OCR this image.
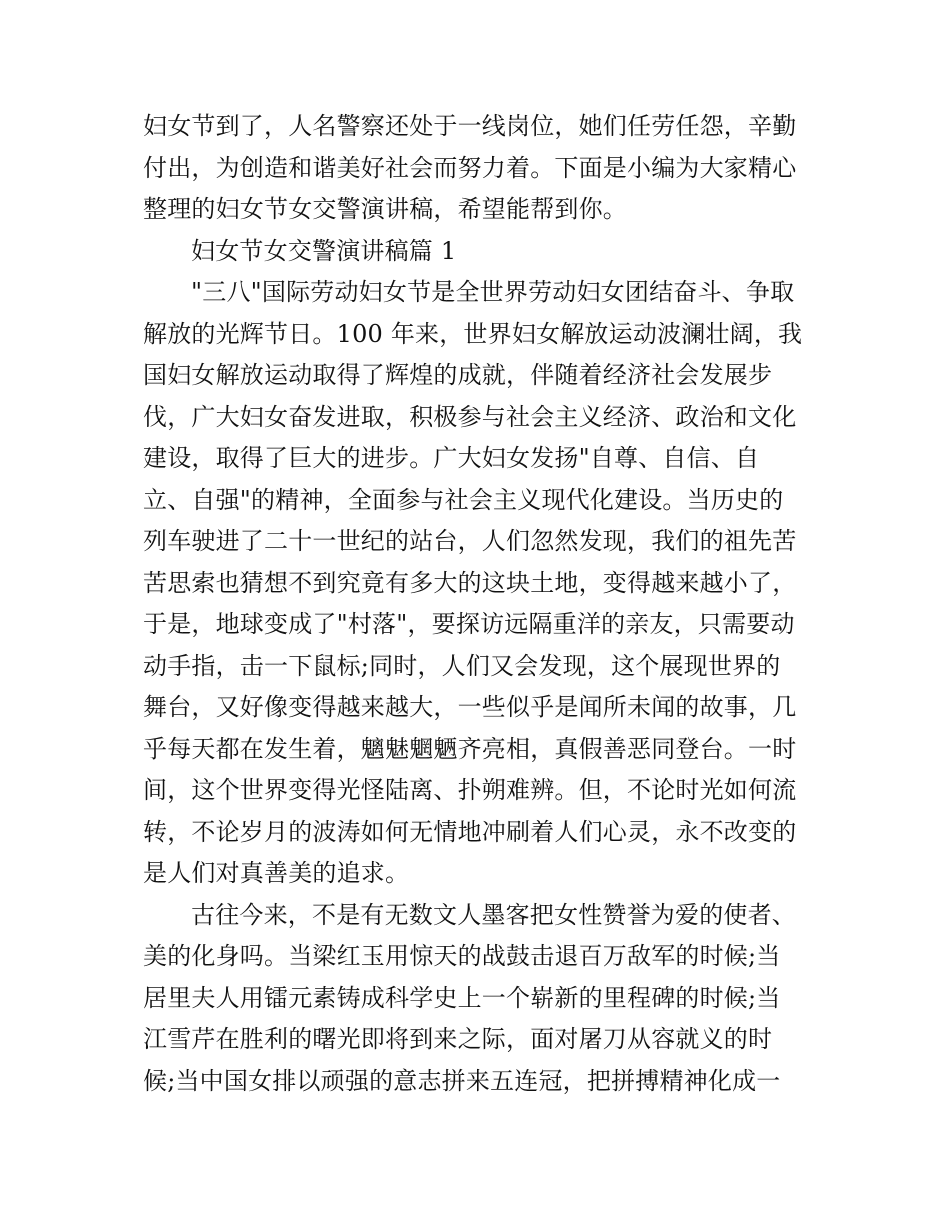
妇女节到了，人名警察还处于一线岗位，她们任劳任怨，辛勤
付出，为创造和谐美好社会而努力着。下面是小编为大家精心
整理的妇女节女交警演讲稿，希望能帮到你。
妇女节女交警演讲稿篇 1
"三八"国际劳动妇女节是全世界劳动妇女团结奋斗、争取
解放的光辉节日。100 年来，世界妇女解放运动波澜壮阔，我
国妇女解放运动取得了辉煌的成就，伴随着经济社会发展步
伐，广大妇女奋发进取，积极参与社会主义经济、政治和文化
建设，取得了巨大的进步。广大妇女发扬"自尊、自信、自
立、自强"的精神，全面参与社会主义现代化建设。当历史的
列车驶进了二十一世纪的站台，人们忽然发现，我们的祖先苦
苦思索也猜想不到究竟有多大的这块土地，变得越来越小了，
于是，地球变成了"村落"，要探访远隔重洋的亲友，只需要动
动手指，击一下鼠标;同时，人们又会发现，这个展现世界的
舞台，又好像变得越来越大，一些似乎是闻所未闻的故事，几
乎每天都在发生着，魑魅魍魉齐亮相，真假善恶同登台。一时
间，这个世界变得光怪陆离、扑朔难辨。但，不论时光如何流
转，不论岁月的波涛如何无情地冲刷着人们心灵，永不改变的
是人们对真善美的追求。
古往今来，不是有无数文人墨客把女性赞誉为爱的使者、
美的化身吗。当梁红玉用惊天的战鼓击退百万敌军的时候;当
居里夫人用镭元素铸成科学史上一个崭新的里程碑的时候;当
江雪芹在胜利的曙光即将到来之际，面对屠刀从容就义的时
候;当中国女排以顽强的意志拼来五连冠，把拼搏精神化成一
